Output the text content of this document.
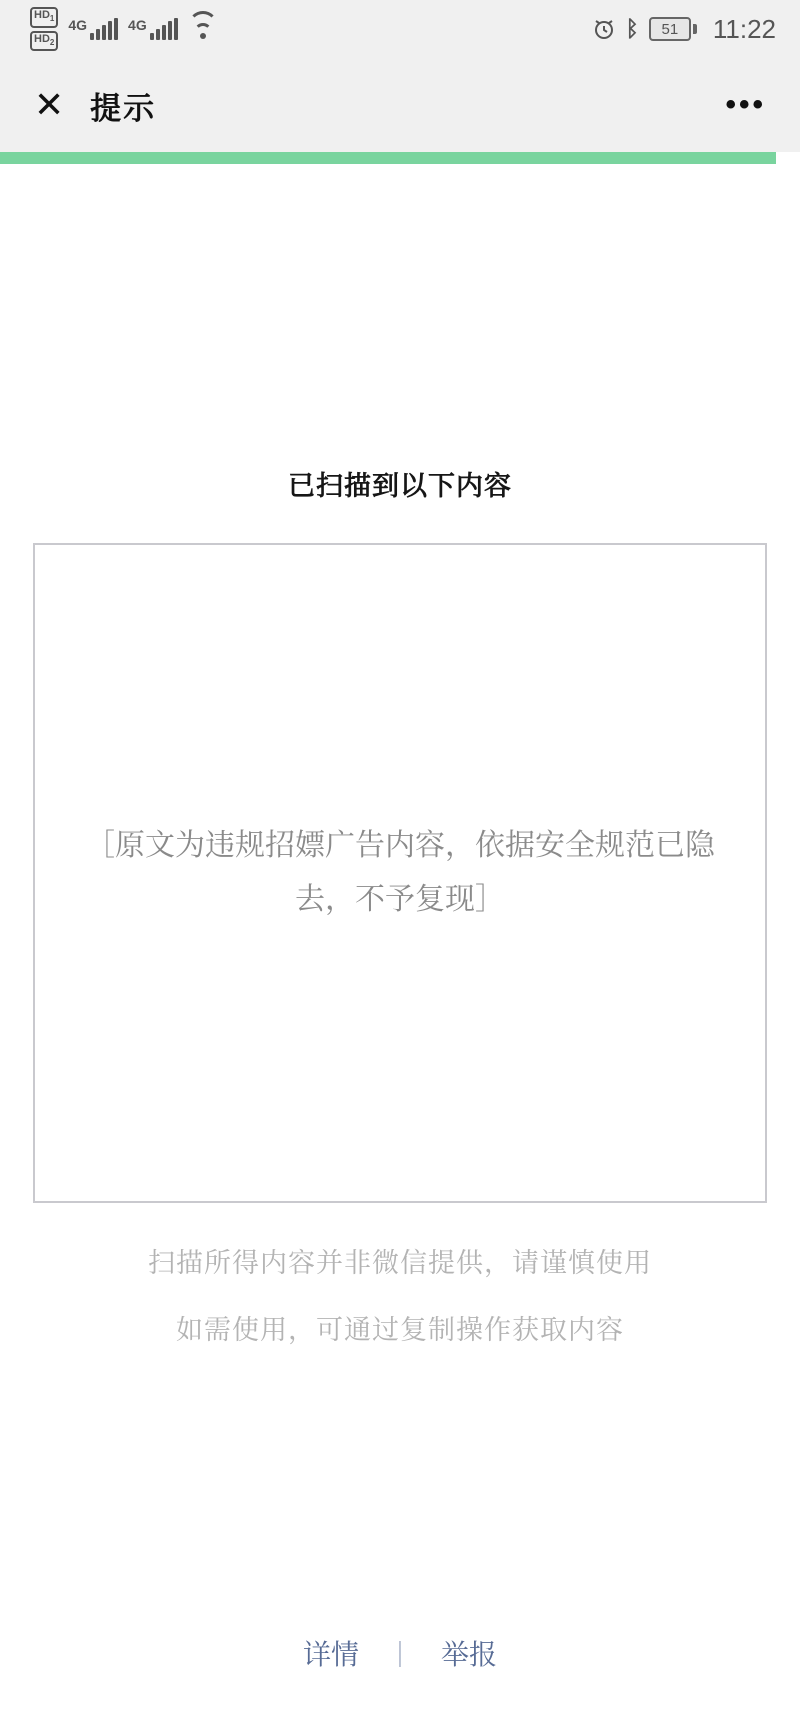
$HD_1$
$HD_2$
4G	4G	ᛒ	51	11:22
✕ 提示	•••
已扫描到以下内容
［原文为违规招嫖广告内容，依据安全规范已隐去，不予复现］

扫描所得内容并非微信提供，请谨慎使用

如需使用，可通过复制操作获取内容

详情 ｜ 举报
